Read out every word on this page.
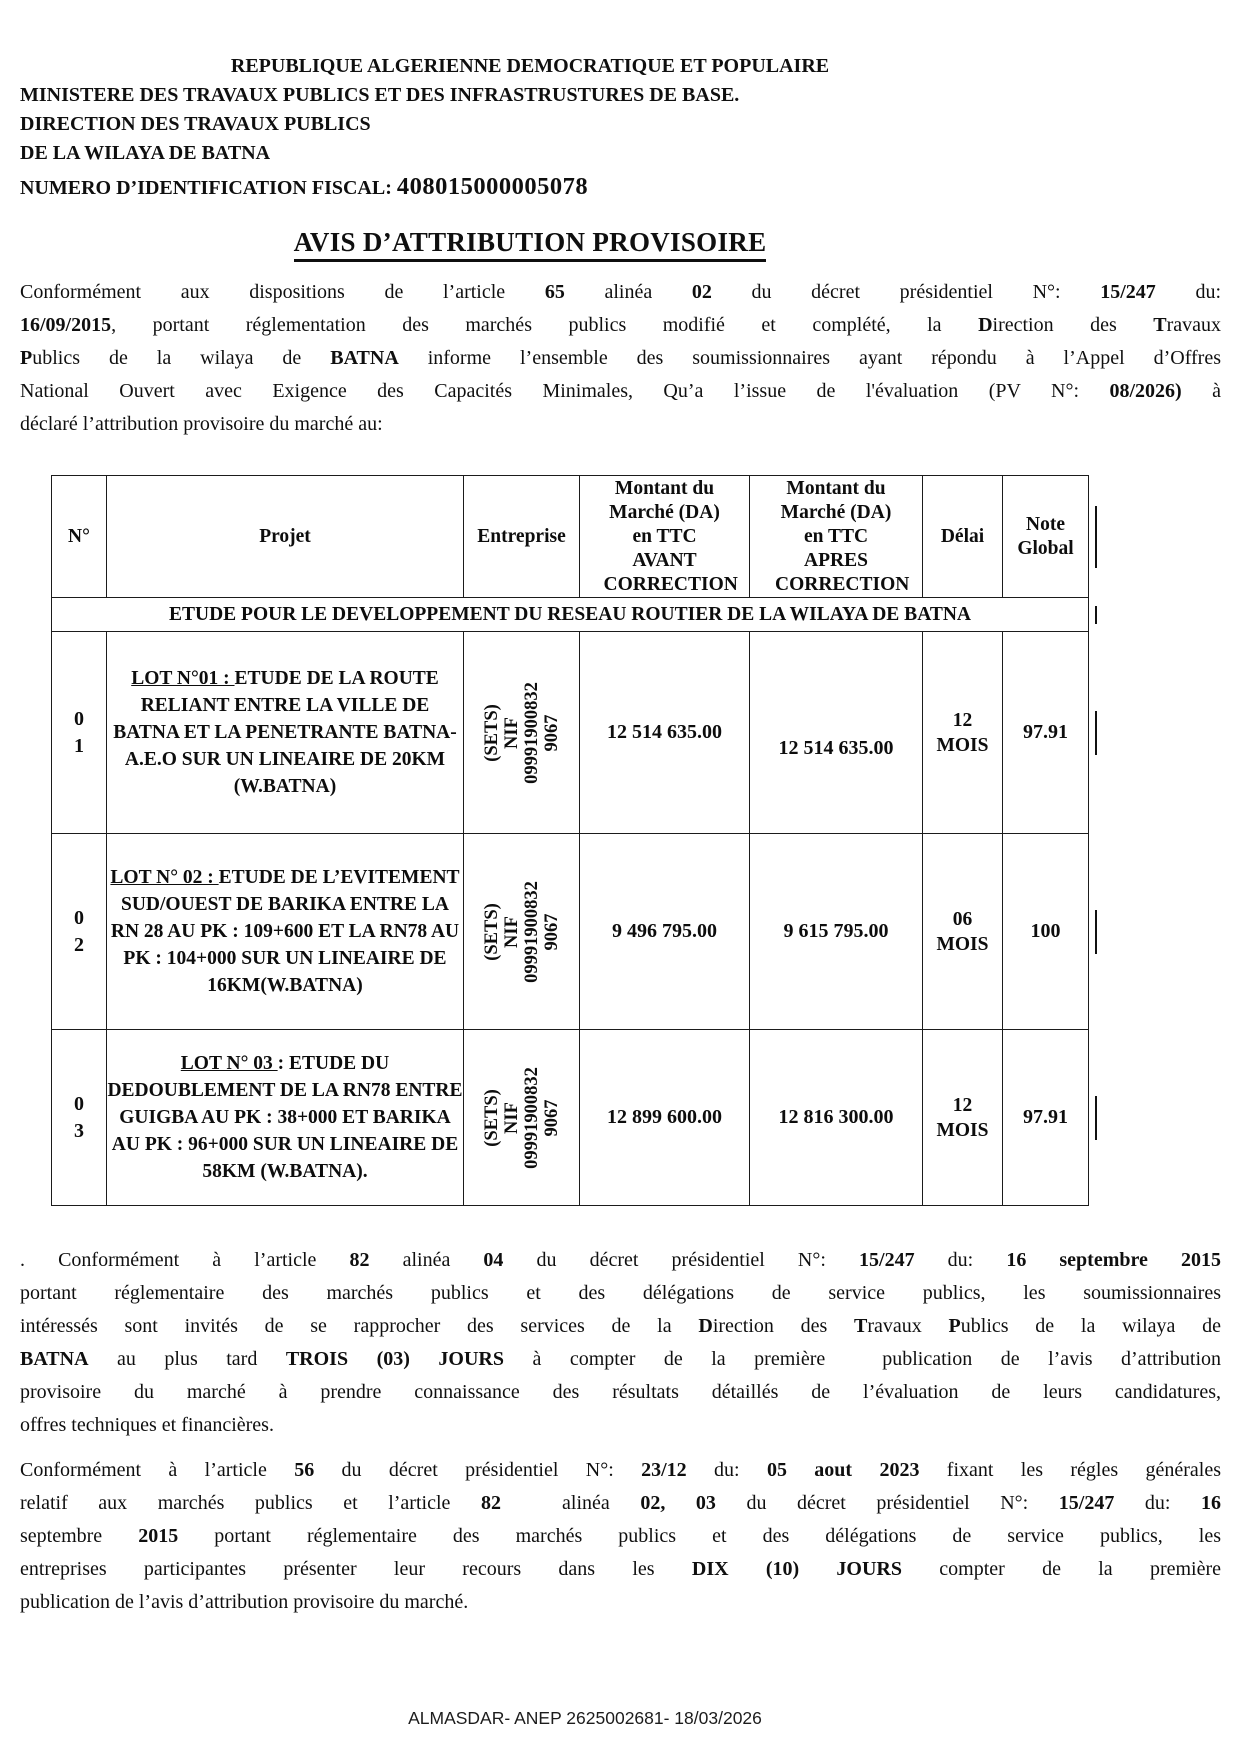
REPUBLIQUE ALGERIENNE DEMOCRATIQUE ET POPULAIRE
MINISTERE DES TRAVAUX PUBLICS ET DES INFRASTRUSTURES DE BASE.
DIRECTION DES TRAVAUX PUBLICS
DE LA WILAYA DE BATNA
NUMERO D’IDENTIFICATION FISCAL: 408015000005078
AVIS D’ATTRIBUTION PROVISOIRE
Conformément aux dispositions de l’article 65 alinéa 02 du décret présidentiel N°: 15/247 du:
16/09/2015, portant réglementation des marchés publics modifié et complété, la Direction des Travaux
Publics de la wilaya de BATNA informe l’ensemble des soumissionnaires ayant répondu à l’Appel d’Offres
National Ouvert avec Exigence des Capacités Minimales, Qu’a l’issue de l'évaluation (PV N°: 08/2026) à
déclaré l’attribution provisoire du marché au:
N°	Projet	Entreprise	Montant du Marché (DA) en TTC AVANT CORRECTION	Montant du Marché (DA) en TTC APRES CORRECTION	Délai	Note Global
ETUDE POUR LE DEVELOPPEMENT DU RESEAU ROUTIER DE LA WILAYA DE BATNA						
01	LOT N°01 : ETUDE DE LA ROUTE RELIANT ENTRE LA VILLE DE BATNA ET LA PENETRANTE BATNA-A.E.O SUR UN LINEAIRE DE 20KM (W.BATNA)	(SETS) NIF 09991900832 9067	12 514 635.00	12 514 635.00	12 MOIS	97.91
02	LOT N° 02 : ETUDE DE L’EVITEMENT SUD/OUEST DE BARIKA ENTRE LA RN 28 AU PK : 109+600 ET LA RN78 AU PK : 104+000 SUR UN LINEAIRE DE 16KM(W.BATNA)	(SETS) NIF 09991900832 9067	9 496 795.00	9 615 795.00	06 MOIS	100
03	LOT N° 03 : ETUDE DU DEDOUBLEMENT DE LA RN78 ENTRE GUIGBA AU PK : 38+000 ET BARIKA AU PK : 96+000 SUR UN LINEAIRE DE 58KM (W.BATNA).	(SETS) NIF 09991900832 9067	12 899 600.00	12 816 300.00	12 MOIS	97.91
. Conformément à l’article 82 alinéa 04 du décret présidentiel N°: 15/247 du: 16 septembre 2015
portant réglementaire des marchés publics et des délégations de service publics, les soumissionnaires
intéressés sont invités de se rapprocher des services de la Direction des Travaux Publics de la wilaya de
BATNA au plus tard TROIS (03) JOURS à compter de la première  publication de l’avis d’attribution
provisoire du marché à prendre connaissance des résultats détaillés de l’évaluation de leurs candidatures,
offres techniques et financières.
Conformément à l’article 56 du décret présidentiel N°: 23/12 du: 05 aout 2023 fixant les régles générales
relatif aux marchés publics et l’article 82  alinéa 02, 03 du décret présidentiel N°: 15/247 du: 16
septembre 2015 portant réglementaire des marchés publics et des délégations de service publics, les
entreprises participantes présenter leur recours dans les DIX (10) JOURS compter de la première
publication de l’avis d’attribution provisoire du marché.
ALMASDAR- ANEP 2625002681- 18/03/2026
